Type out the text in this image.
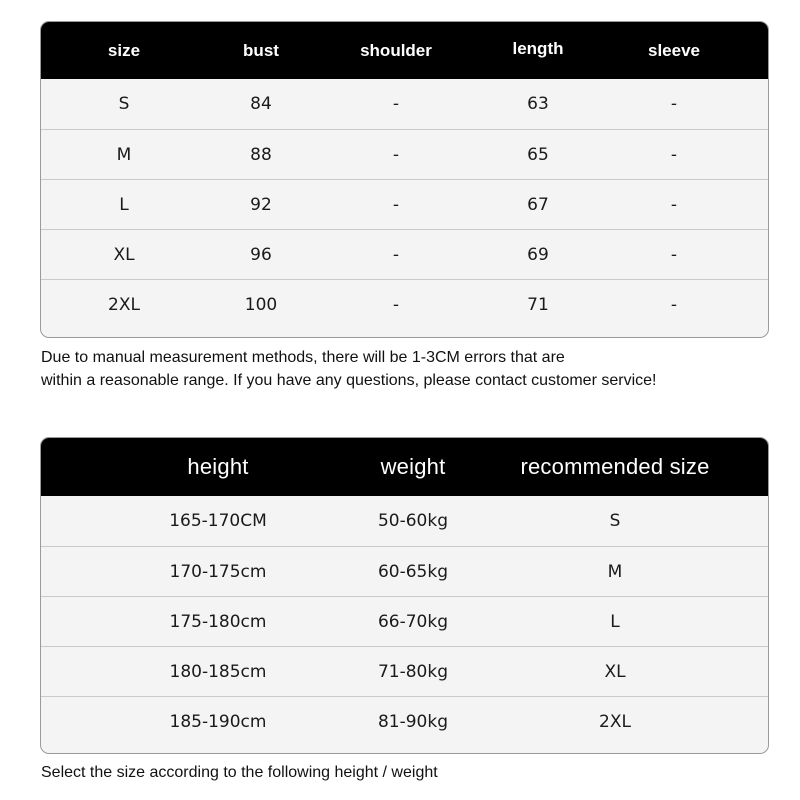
size	bust	shoulder	length	sleeve
S	84	-	63	-
M	88	-	65	-
L	92	-	67	-
XL	96	-	69	-
2XL	100	-	71	-
Due to manual measurement methods, there will be 1-3CM errors that are
within a reasonable range. If you have any questions, please contact customer service!
height	weight	recommended size
165-170CM	50-60kg	S
170-175cm	60-65kg	M
175-180cm	66-70kg	L
180-185cm	71-80kg	XL
185-190cm	81-90kg	2XL
Select the size according to the following height / weight
